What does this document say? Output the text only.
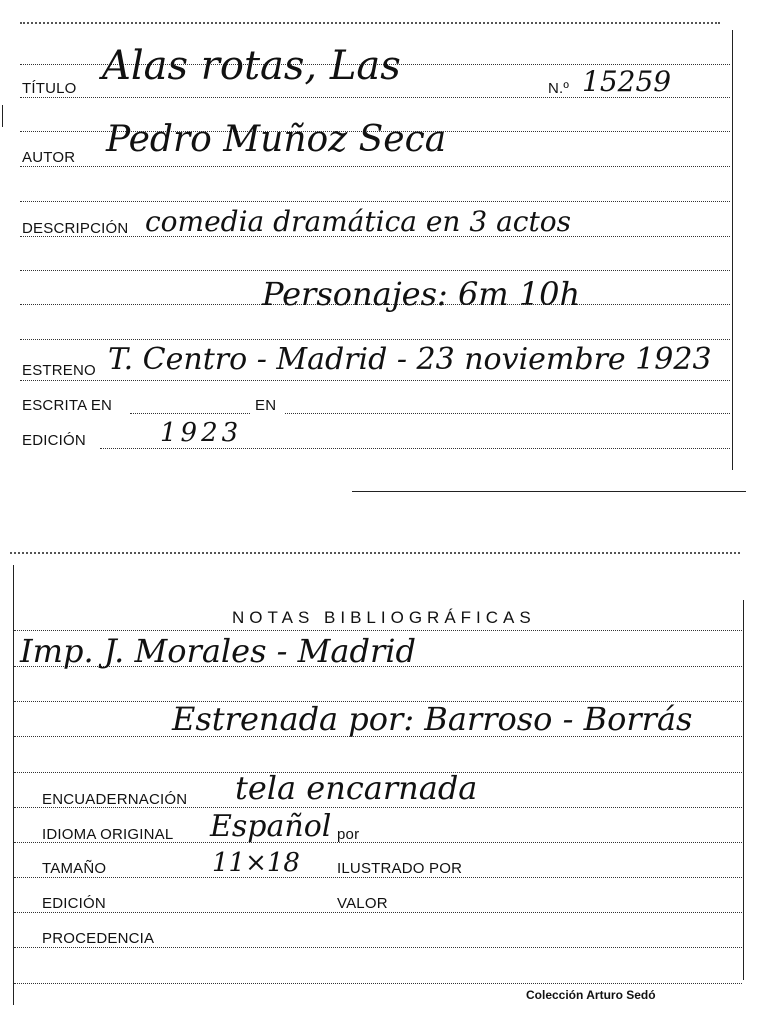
TÍTULO Alas rotas, Las	N.º 15259
AUTOR Pedro Muñoz Seca
DESCRIPCIÓN comedia dramática en 3 actos
Personajes: 6m 10h
ESTRENO T. Centro - Madrid - 23 noviembre 1923
ESCRITA EN	EN
EDICIÓN	1923
NOTAS BIBLIOGRÁFICAS
Imp. J. Morales - Madrid
Estrenada por: Barroso - Borrás
ENCUADERNACIÓN tela encarnada
IDIOMA ORIGINAL Español por
TAMAÑO	11×18 ILUSTRADO POR
EDICIÓN	VALOR
PROCEDENCIA
Colección Arturo Sedó
